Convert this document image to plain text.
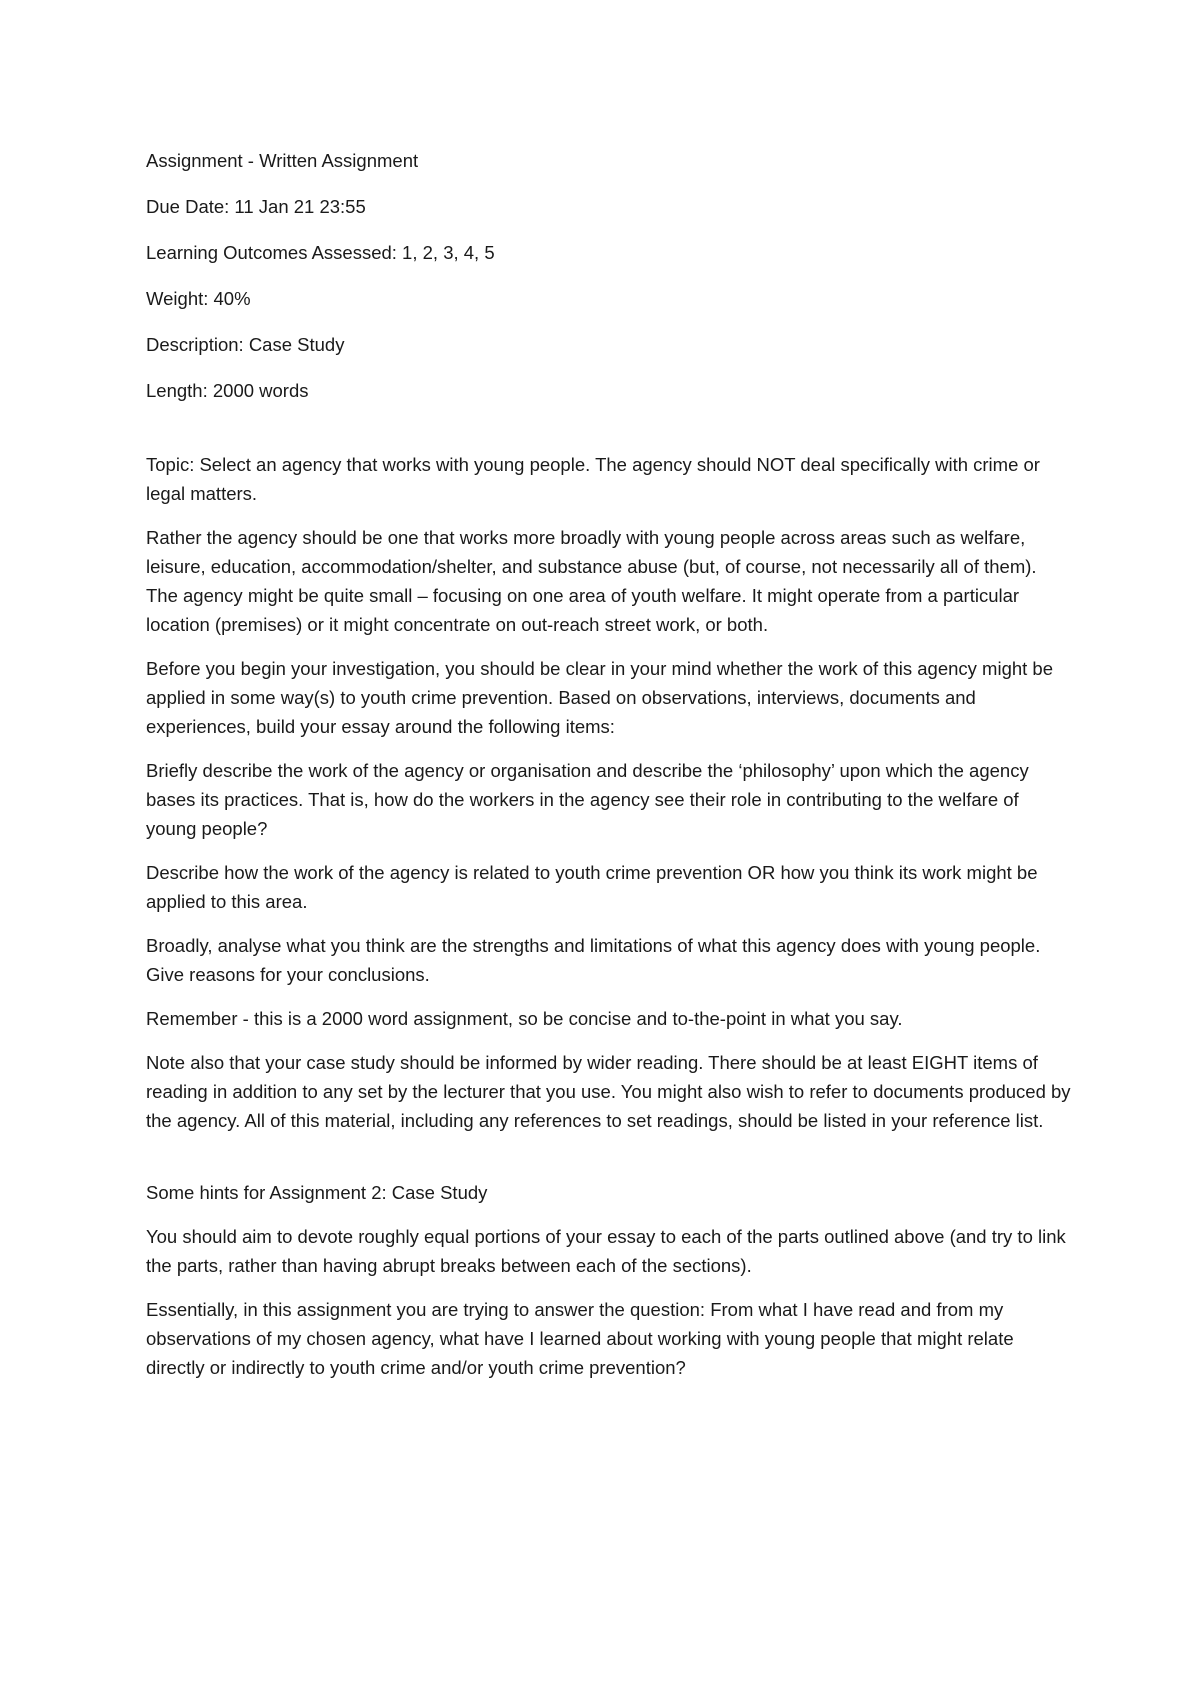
Assignment - Written Assignment

Due Date: 11 Jan 21 23:55

Learning Outcomes Assessed: 1, 2, 3, 4, 5

Weight: 40%

Description: Case Study

Length: 2000 words

Topic: Select an agency that works with young people. The agency should NOT deal specifically with crime or legal matters.

Rather the agency should be one that works more broadly with young people across areas such as welfare, leisure, education, accommodation/shelter, and substance abuse (but, of course, not necessarily all of them). The agency might be quite small – focusing on one area of youth welfare. It might operate from a particular location (premises) or it might concentrate on out-reach street work, or both.

Before you begin your investigation, you should be clear in your mind whether the work of this agency might be applied in some way(s) to youth crime prevention. Based on observations, interviews, documents and experiences, build your essay around the following items:

Briefly describe the work of the agency or organisation and describe the ‘philosophy’ upon which the agency bases its practices. That is, how do the workers in the agency see their role in contributing to the welfare of young people?

Describe how the work of the agency is related to youth crime prevention OR how you think its work might be applied to this area.

Broadly, analyse what you think are the strengths and limitations of what this agency does with young people. Give reasons for your conclusions.

Remember - this is a 2000 word assignment, so be concise and to-the-point in what you say.

Note also that your case study should be informed by wider reading. There should be at least EIGHT items of reading in addition to any set by the lecturer that you use. You might also wish to refer to documents produced by the agency. All of this material, including any references to set readings, should be listed in your reference list.

Some hints for Assignment 2: Case Study

You should aim to devote roughly equal portions of your essay to each of the parts outlined above (and try to link the parts, rather than having abrupt breaks between each of the sections).

Essentially, in this assignment you are trying to answer the question: From what I have read and from my observations of my chosen agency, what have I learned about working with young people that might relate directly or indirectly to youth crime and/or youth crime prevention?
